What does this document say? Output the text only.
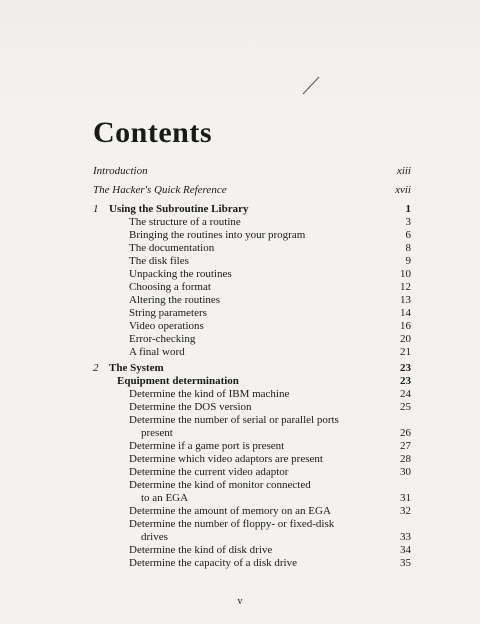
Contents
Introduction	xiii
The Hacker's Quick Reference	xvii
1 Using the Subroutine Library	1
The structure of a routine	3
Bringing the routines into your program	6
The documentation	8
The disk files	9
Unpacking the routines	10
Choosing a format	12
Altering the routines	13
String parameters	14
Video operations	16
Error-checking	20
A final word	21
2 The System	23
Equipment determination	23
Determine the kind of IBM machine	24
Determine the DOS version	25
Determine the number of serial or parallel ports
present	26
Determine if a game port is present	27
Determine which video adaptors are present	28
Determine the current video adaptor	30
Determine the kind of monitor connected
to an EGA	31
Determine the amount of memory on an EGA	32
Determine the number of floppy- or fixed-disk
drives	33
Determine the kind of disk drive	34
Determine the capacity of a disk drive	35
v
